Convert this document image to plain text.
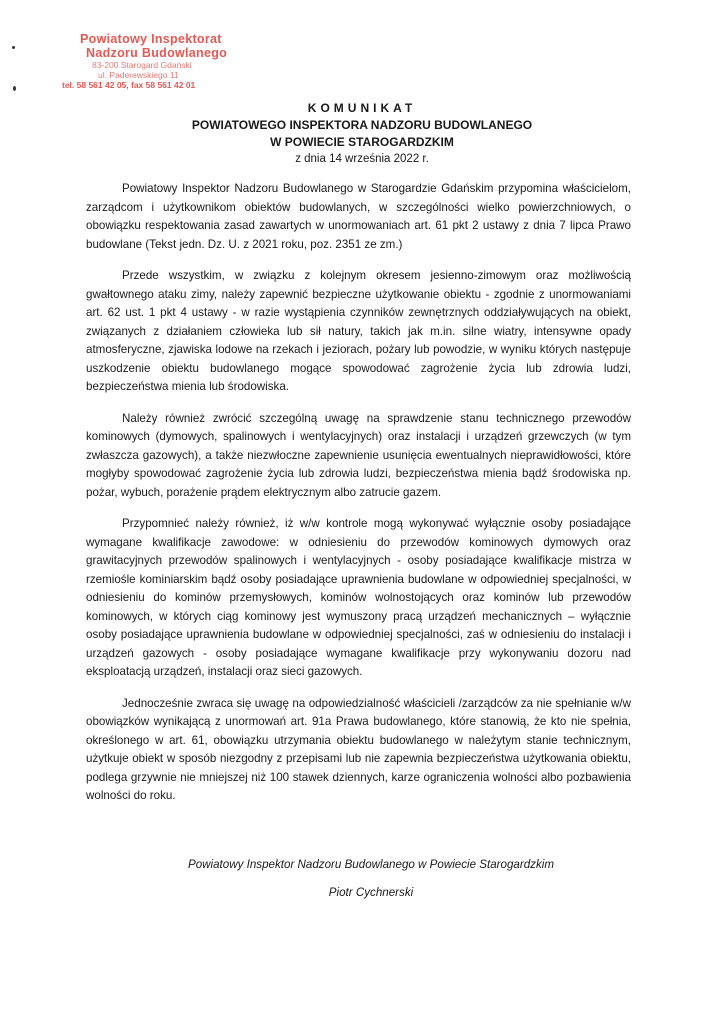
Powiatowy Inspektorat
Nadzoru Budowlanego
83-200 Starogard Gdański
ul. Paderewskiego 11
tel. 58 561 42 05, fax 58 561 42 01
KOMUNIKAT
POWIATOWEGO INSPEKTORA NADZORU BUDOWLANEGO
W POWIECIE STAROGARDZKIM
z dnia 14 września 2022 r.

Powiatowy Inspektor Nadzoru Budowlanego w Starogardzie Gdańskim przypomina właścicielom, zarządcom i użytkownikom obiektów budowlanych, w szczególności wielko powierzchniowych, o obowiązku respektowania zasad zawartych w unormowaniach art. 61 pkt 2 ustawy z dnia 7 lipca Prawo budowlane (Tekst jedn. Dz. U. z 2021 roku, poz. 2351 ze zm.)

Przede wszystkim, w związku z kolejnym okresem jesienno-zimowym oraz możliwością gwałtownego ataku zimy, należy zapewnić bezpieczne użytkowanie obiektu - zgodnie z unormowaniami art. 62 ust. 1 pkt 4 ustawy - w razie wystąpienia czynników zewnętrznych oddziaływujących na obiekt, związanych z działaniem człowieka lub sił natury, takich jak m.in. silne wiatry, intensywne opady atmosferyczne, zjawiska lodowe na rzekach i jeziorach, pożary lub powodzie, w wyniku których następuje uszkodzenie obiektu budowlanego mogące spowodować zagrożenie życia lub zdrowia ludzi, bezpieczeństwa mienia lub środowiska.

Należy również zwrócić szczególną uwagę na sprawdzenie stanu technicznego przewodów kominowych (dymowych, spalinowych i wentylacyjnych) oraz instalacji i urządzeń grzewczych (w tym zwłaszcza gazowych), a także niezwłoczne zapewnienie usunięcia ewentualnych nieprawidłowości, które mogłyby spowodować zagrożenie życia lub zdrowia ludzi, bezpieczeństwa mienia bądź środowiska np. pożar, wybuch, porażenie prądem elektrycznym albo zatrucie gazem.

Przypomnieć należy również, iż w/w kontrole mogą wykonywać wyłącznie osoby posiadające wymagane kwalifikacje zawodowe: w odniesieniu do przewodów kominowych dymowych oraz grawitacyjnych przewodów spalinowych i wentylacyjnych - osoby posiadające kwalifikacje mistrza w rzemiośle kominiarskim bądź osoby posiadające uprawnienia budowlane w odpowiedniej specjalności, w odniesieniu do kominów przemysłowych, kominów wolnostojących oraz kominów lub przewodów kominowych, w których ciąg kominowy jest wymuszony pracą urządzeń mechanicznych – wyłącznie osoby posiadające uprawnienia budowlane w odpowiedniej specjalności, zaś w odniesieniu do instalacji i urządzeń gazowych - osoby posiadające wymagane kwalifikacje przy wykonywaniu dozoru nad eksploatacją urządzeń, instalacji oraz sieci gazowych.

Jednocześnie zwraca się uwagę na odpowiedzialność właścicieli /zarządców za nie spełnianie w/w obowiązków wynikającą z unormowań art. 91a Prawa budowlanego, które stanowią, że kto nie spełnia, określonego w art. 61, obowiązku utrzymania obiektu budowlanego w należytym stanie technicznym, użytkuje obiekt w sposób niezgodny z przepisami lub nie zapewnia bezpieczeństwa użytkowania obiektu, podlega grzywnie nie mniejszej niż 100 stawek dziennych, karze ograniczenia wolności albo pozbawienia wolności do roku.

Powiatowy Inspektor Nadzoru Budowlanego w Powiecie Starogardzkim
Piotr Cychnerski
